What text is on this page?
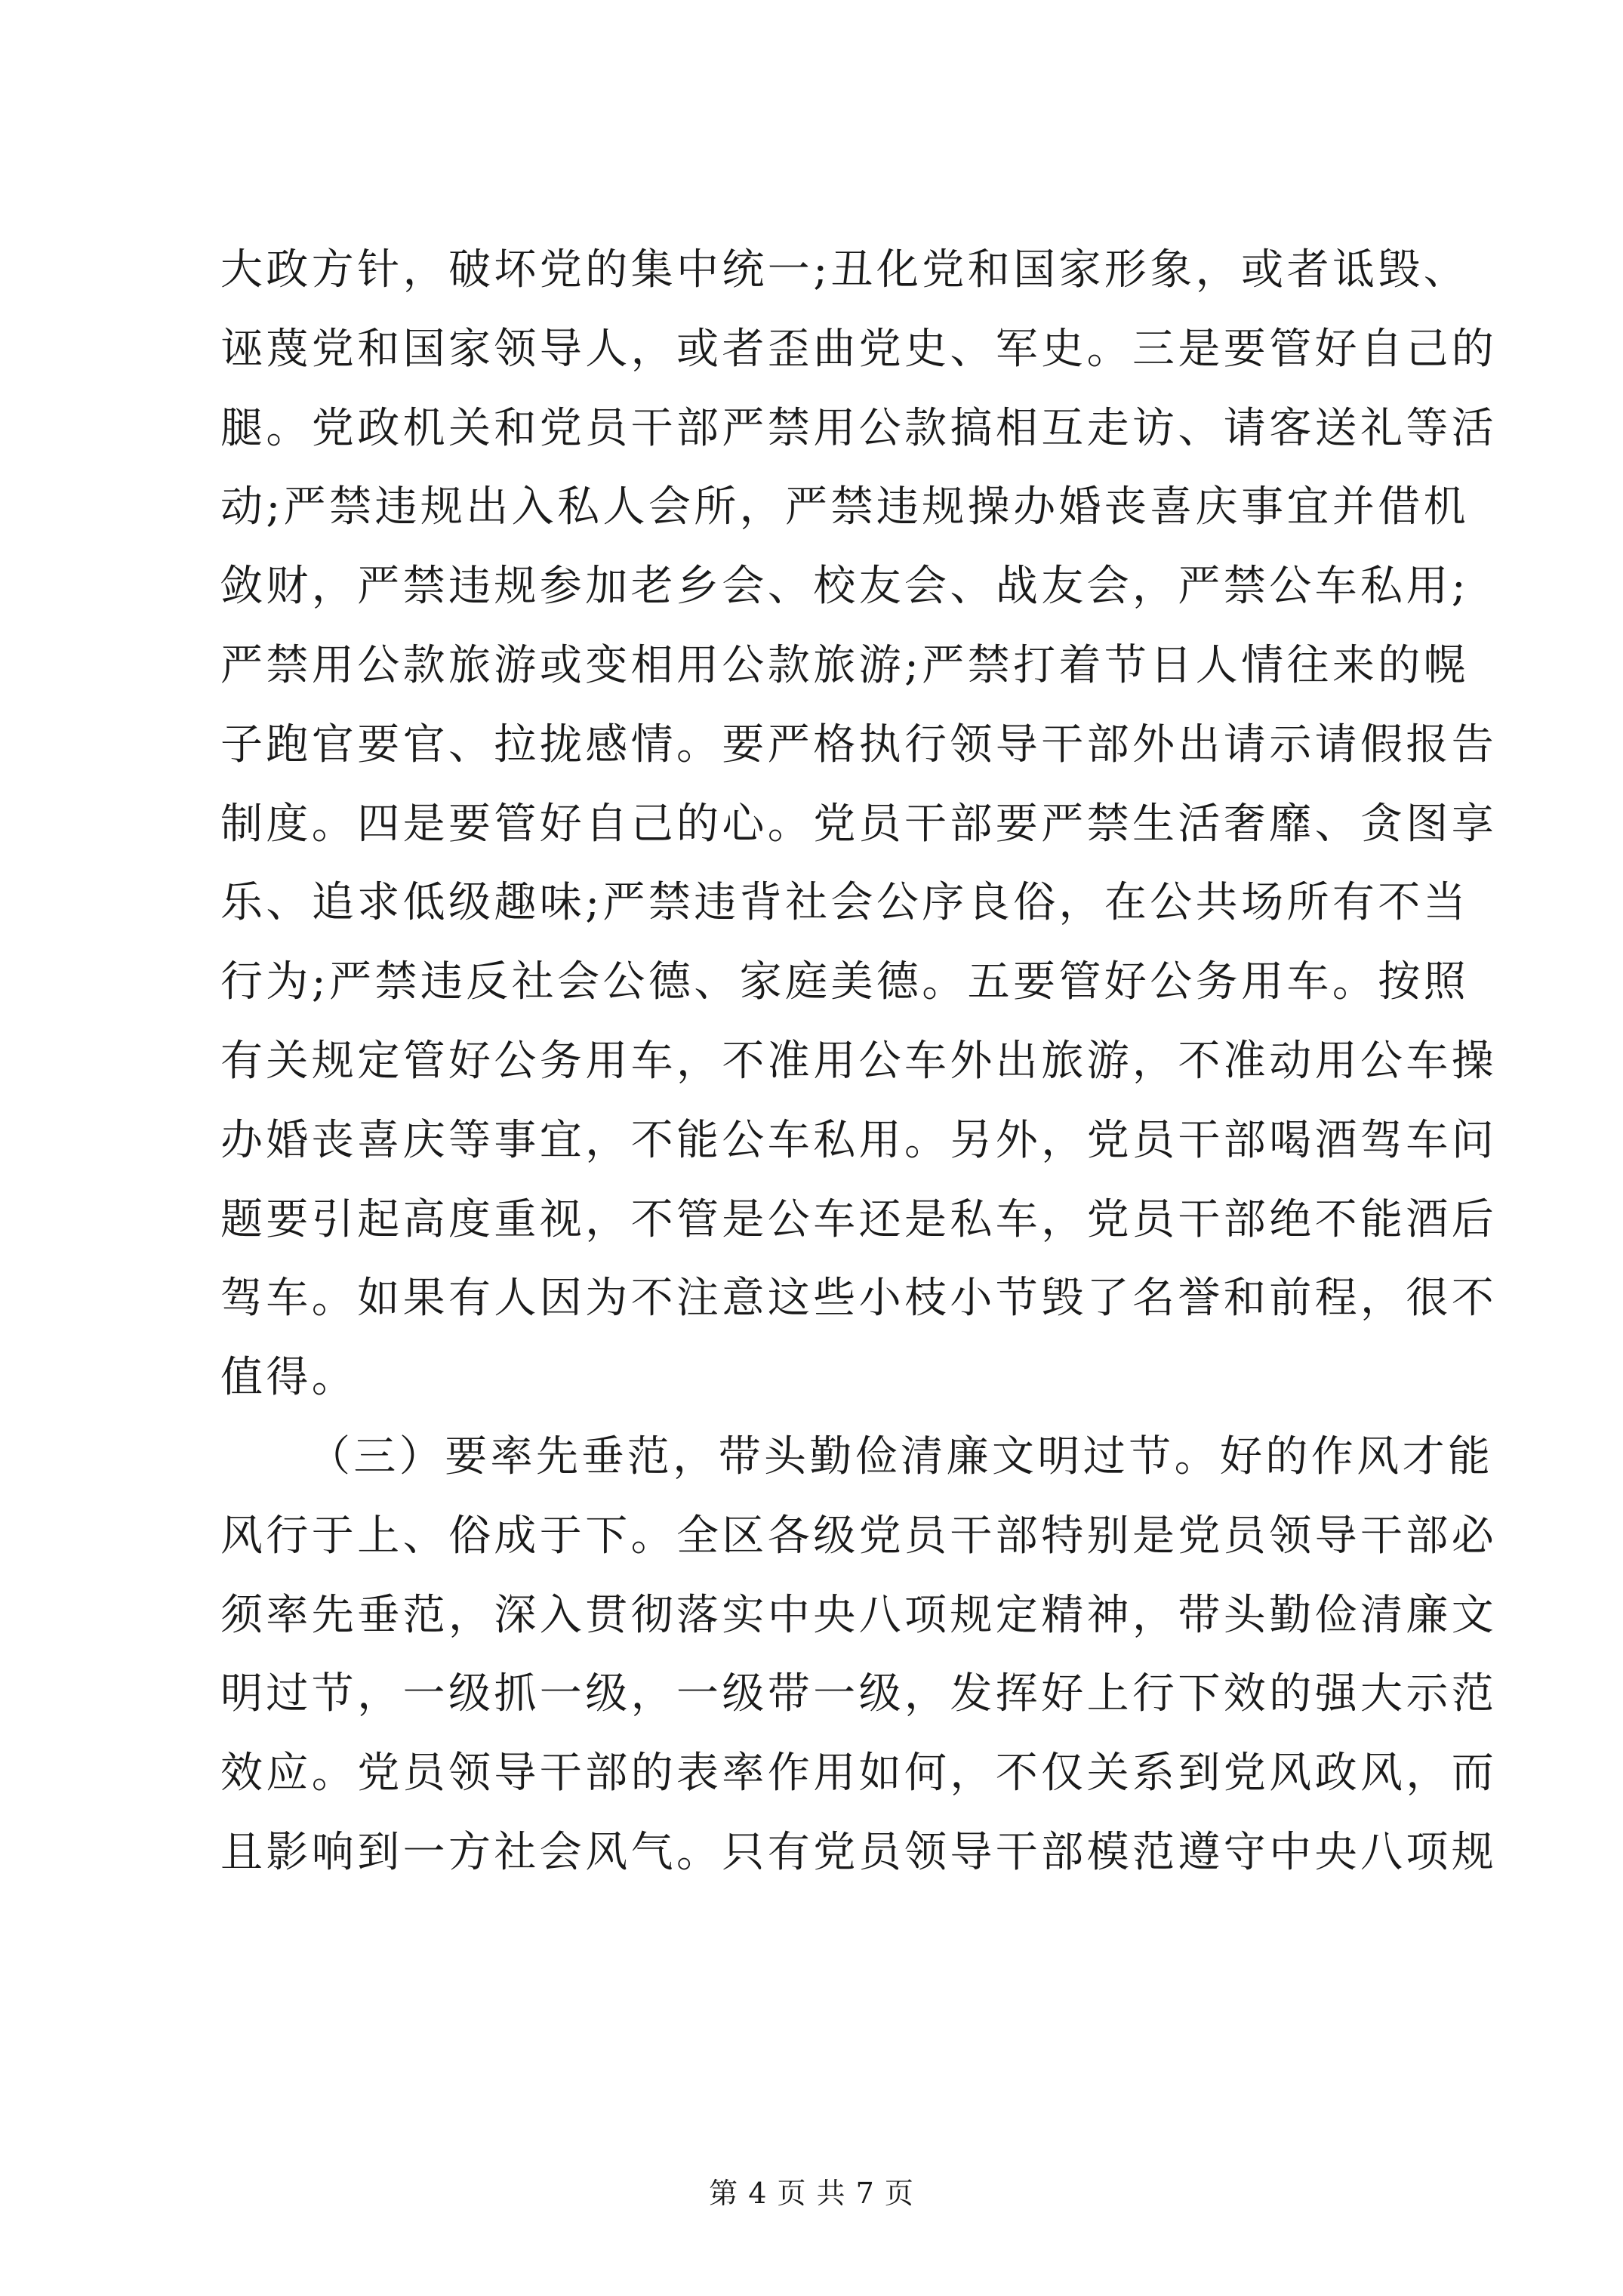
大政方针，破坏党的集中统一;丑化党和国家形象，或者诋毁、
诬蔑党和国家领导人，或者歪曲党史、军史。三是要管好自己的
腿。党政机关和党员干部严禁用公款搞相互走访、请客送礼等活
动;严禁违规出入私人会所，严禁违规操办婚丧喜庆事宜并借机
敛财，严禁违规参加老乡会、校友会、战友会，严禁公车私用;
严禁用公款旅游或变相用公款旅游;严禁打着节日人情往来的幌
子跑官要官、拉拢感情。要严格执行领导干部外出请示请假报告
制度。四是要管好自己的心。党员干部要严禁生活奢靡、贪图享
乐、追求低级趣味;严禁违背社会公序良俗，在公共场所有不当
行为;严禁违反社会公德、家庭美德。五要管好公务用车。按照
有关规定管好公务用车，不准用公车外出旅游，不准动用公车操
办婚丧喜庆等事宜，不能公车私用。另外，党员干部喝酒驾车问
题要引起高度重视，不管是公车还是私车，党员干部绝不能酒后
驾车。如果有人因为不注意这些小枝小节毁了名誉和前程，很不
值得。
（三）要率先垂范，带头勤俭清廉文明过节。好的作风才能
风行于上、俗成于下。全区各级党员干部特别是党员领导干部必
须率先垂范，深入贯彻落实中央八项规定精神，带头勤俭清廉文
明过节，一级抓一级，一级带一级，发挥好上行下效的强大示范
效应。党员领导干部的表率作用如何，不仅关系到党风政风，而
且影响到一方社会风气。只有党员领导干部模范遵守中央八项规
第 4 页 共 7 页
